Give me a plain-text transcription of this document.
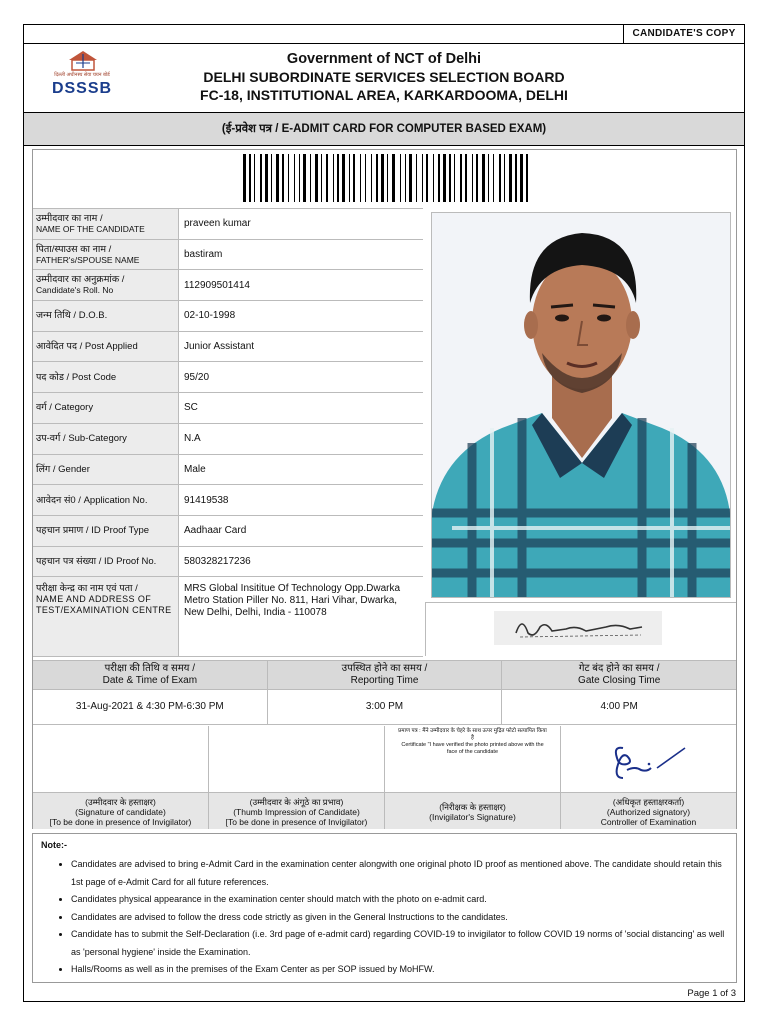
CANDIDATE'S COPY
दिल्ली अधीनस्थ सेवा चयन बोर्ड
DSSSB
Government of NCT of Delhi
DELHI SUBORDINATE SERVICES SELECTION BOARD
FC-18, INSTITUTIONAL AREA, KARKARDOOMA, DELHI
(ई-प्रवेश पत्र / E-ADMIT CARD FOR COMPUTER BASED EXAM)
उम्मीदवार का नाम /
NAME OF THE CANDIDATE	praveen kumar
पिता/स्पाउस का नाम /
FATHER's/SPOUSE NAME	bastiram
उम्मीदवार का अनुक्रमांक /
Candidate's Roll. No	112909501414
जन्म तिथि / D.O.B.	02-10-1998
आवेदित पद / Post Applied	Junior Assistant
पद कोड / Post Code	95/20
वर्ग / Category	SC
उप-वर्ग / Sub-Category	N.A
लिंग / Gender	Male
आवेदन सं0 / Application No.	91419538
पहचान प्रमाण / ID Proof Type	Aadhaar Card
पहचान पत्र संख्या / ID Proof No.	580328217236
परीक्षा केन्द्र का नाम एवं पता /
NAME AND ADDRESS OF TEST/EXAMINATION CENTRE
MRS Global Insititue Of Technology Opp.Dwarka Metro Station Piller No. 811, Hari Vihar, Dwarka, New Delhi, Delhi, India - 110078
परीक्षा की तिथि व समय /
Date & Time of Exam
उपस्थित होने का समय /
Reporting Time
गेट बंद होने का समय /
Gate Closing Time
31-Aug-2021 & 4:30 PM-6:30 PM	3:00 PM	4:00 PM
प्रमाण पत्र : मैंने उम्मीदवार के चेहरे के साथ ऊपर मुद्रित फोटो सत्यापित किया है
Certificate "I have verified the photo printed above with the face of the candidate
(उम्मीदवार के हस्ताक्षर)
(Signature of candidate)
[To be done in presence of Invigilator)
(उम्मीदवार के अंगूठे का प्रभाव)
(Thumb Impression of Candidate)
[To be done in presence of Invigilator)
(निरीक्षक के हस्ताक्षर)
(Invigilator's Signature)
(अधिकृत हस्ताक्षरकर्ता)
(Authorized signatory)
Controller of Examination
Note:-
• Candidates are advised to bring e-Admit Card in the examination center alongwith one original photo ID proof as mentioned above. The candidate should retain this 1st page of e-Admit Card for all future references.
• Candidates physical appearance in the examination center should match with the photo on e-admit card.
• Candidates are advised to follow the dress code strictly as given in the General Instructions to the candidates.
• Candidate has to submit the Self-Declaration (i.e. 3rd page of e-admit card) regarding COVID-19 to invigilator to follow COVID 19 norms of 'social distancing' as well as 'personal hygiene' inside the Examination.
• Halls/Rooms as well as in the premises of the Exam Center as per SOP issued by MoHFW.
Page 1 of 3
